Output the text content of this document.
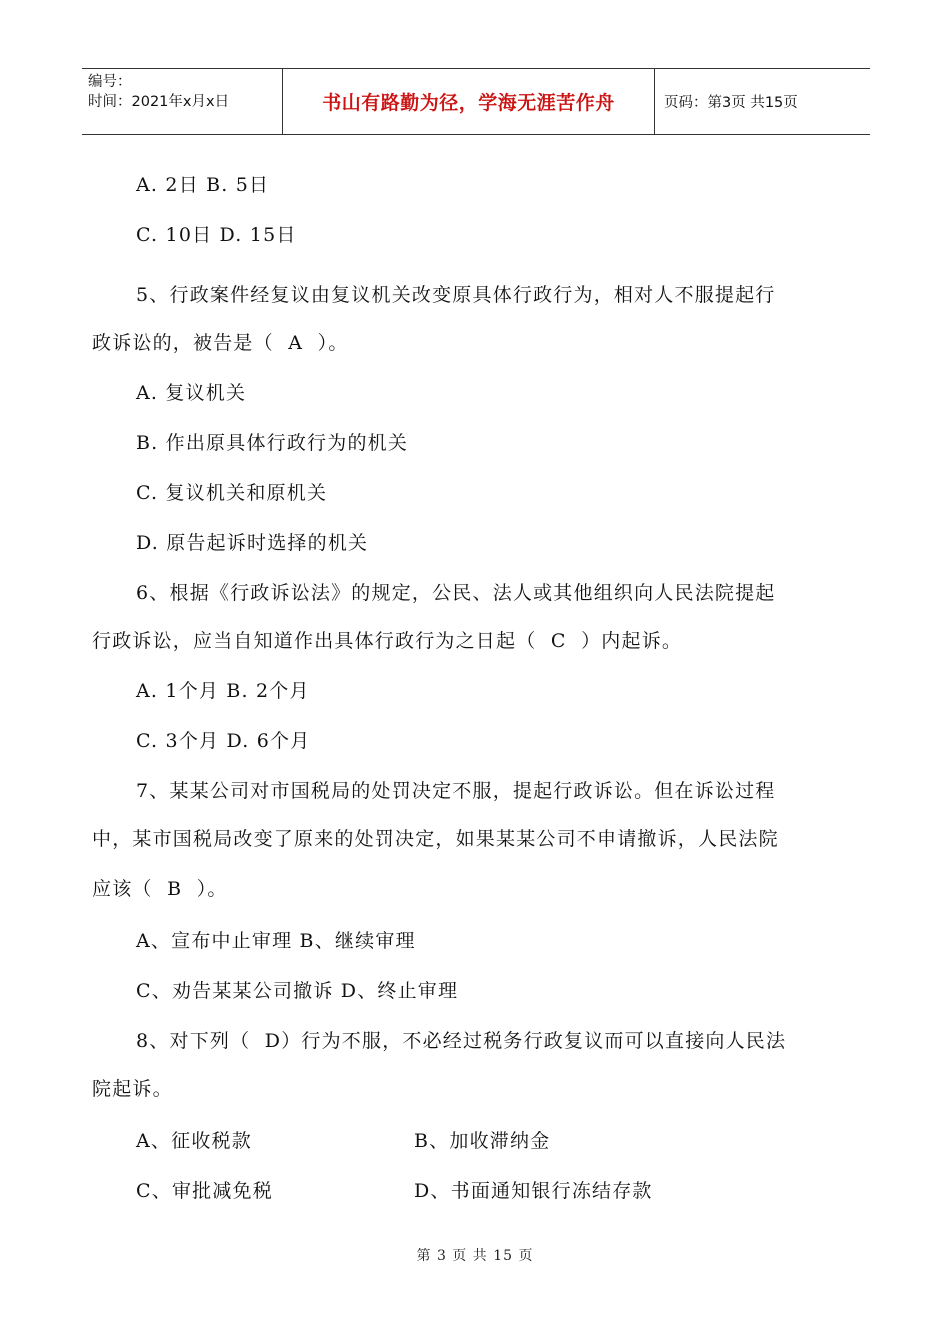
编号：
时间：2021年x月x日	书山有路勤为径，学海无涯苦作舟	页码：第3页 共15页
A. 2日 B. 5日
C. 10日 D. 15日
5、行政案件经复议由复议机关改变原具体行政行为，相对人不服提起行
政诉讼的，被告是（  A  ）。
A. 复议机关
B. 作出原具体行政行为的机关
C. 复议机关和原机关
D. 原告起诉时选择的机关
6、根据《行政诉讼法》的规定，公民、法人或其他组织向人民法院提起
行政诉讼，应当自知道作出具体行政行为之日起（  C  ）内起诉。
A. 1个月 B. 2个月
C. 3个月 D. 6个月
7、某某公司对市国税局的处罚决定不服，提起行政诉讼。但在诉讼过程
中，某市国税局改变了原来的处罚决定，如果某某公司不申请撤诉，人民法院
应该（  B  ）。
A、宣布中止审理 B、继续审理
C、劝告某某公司撤诉 D、终止审理
8、对下列（  D）行为不服，不必经过税务行政复议而可以直接向人民法
院起诉。
A、征收税款	B、加收滞纳金
C、审批减免税	D、书面通知银行冻结存款
第 3 页 共 15 页
